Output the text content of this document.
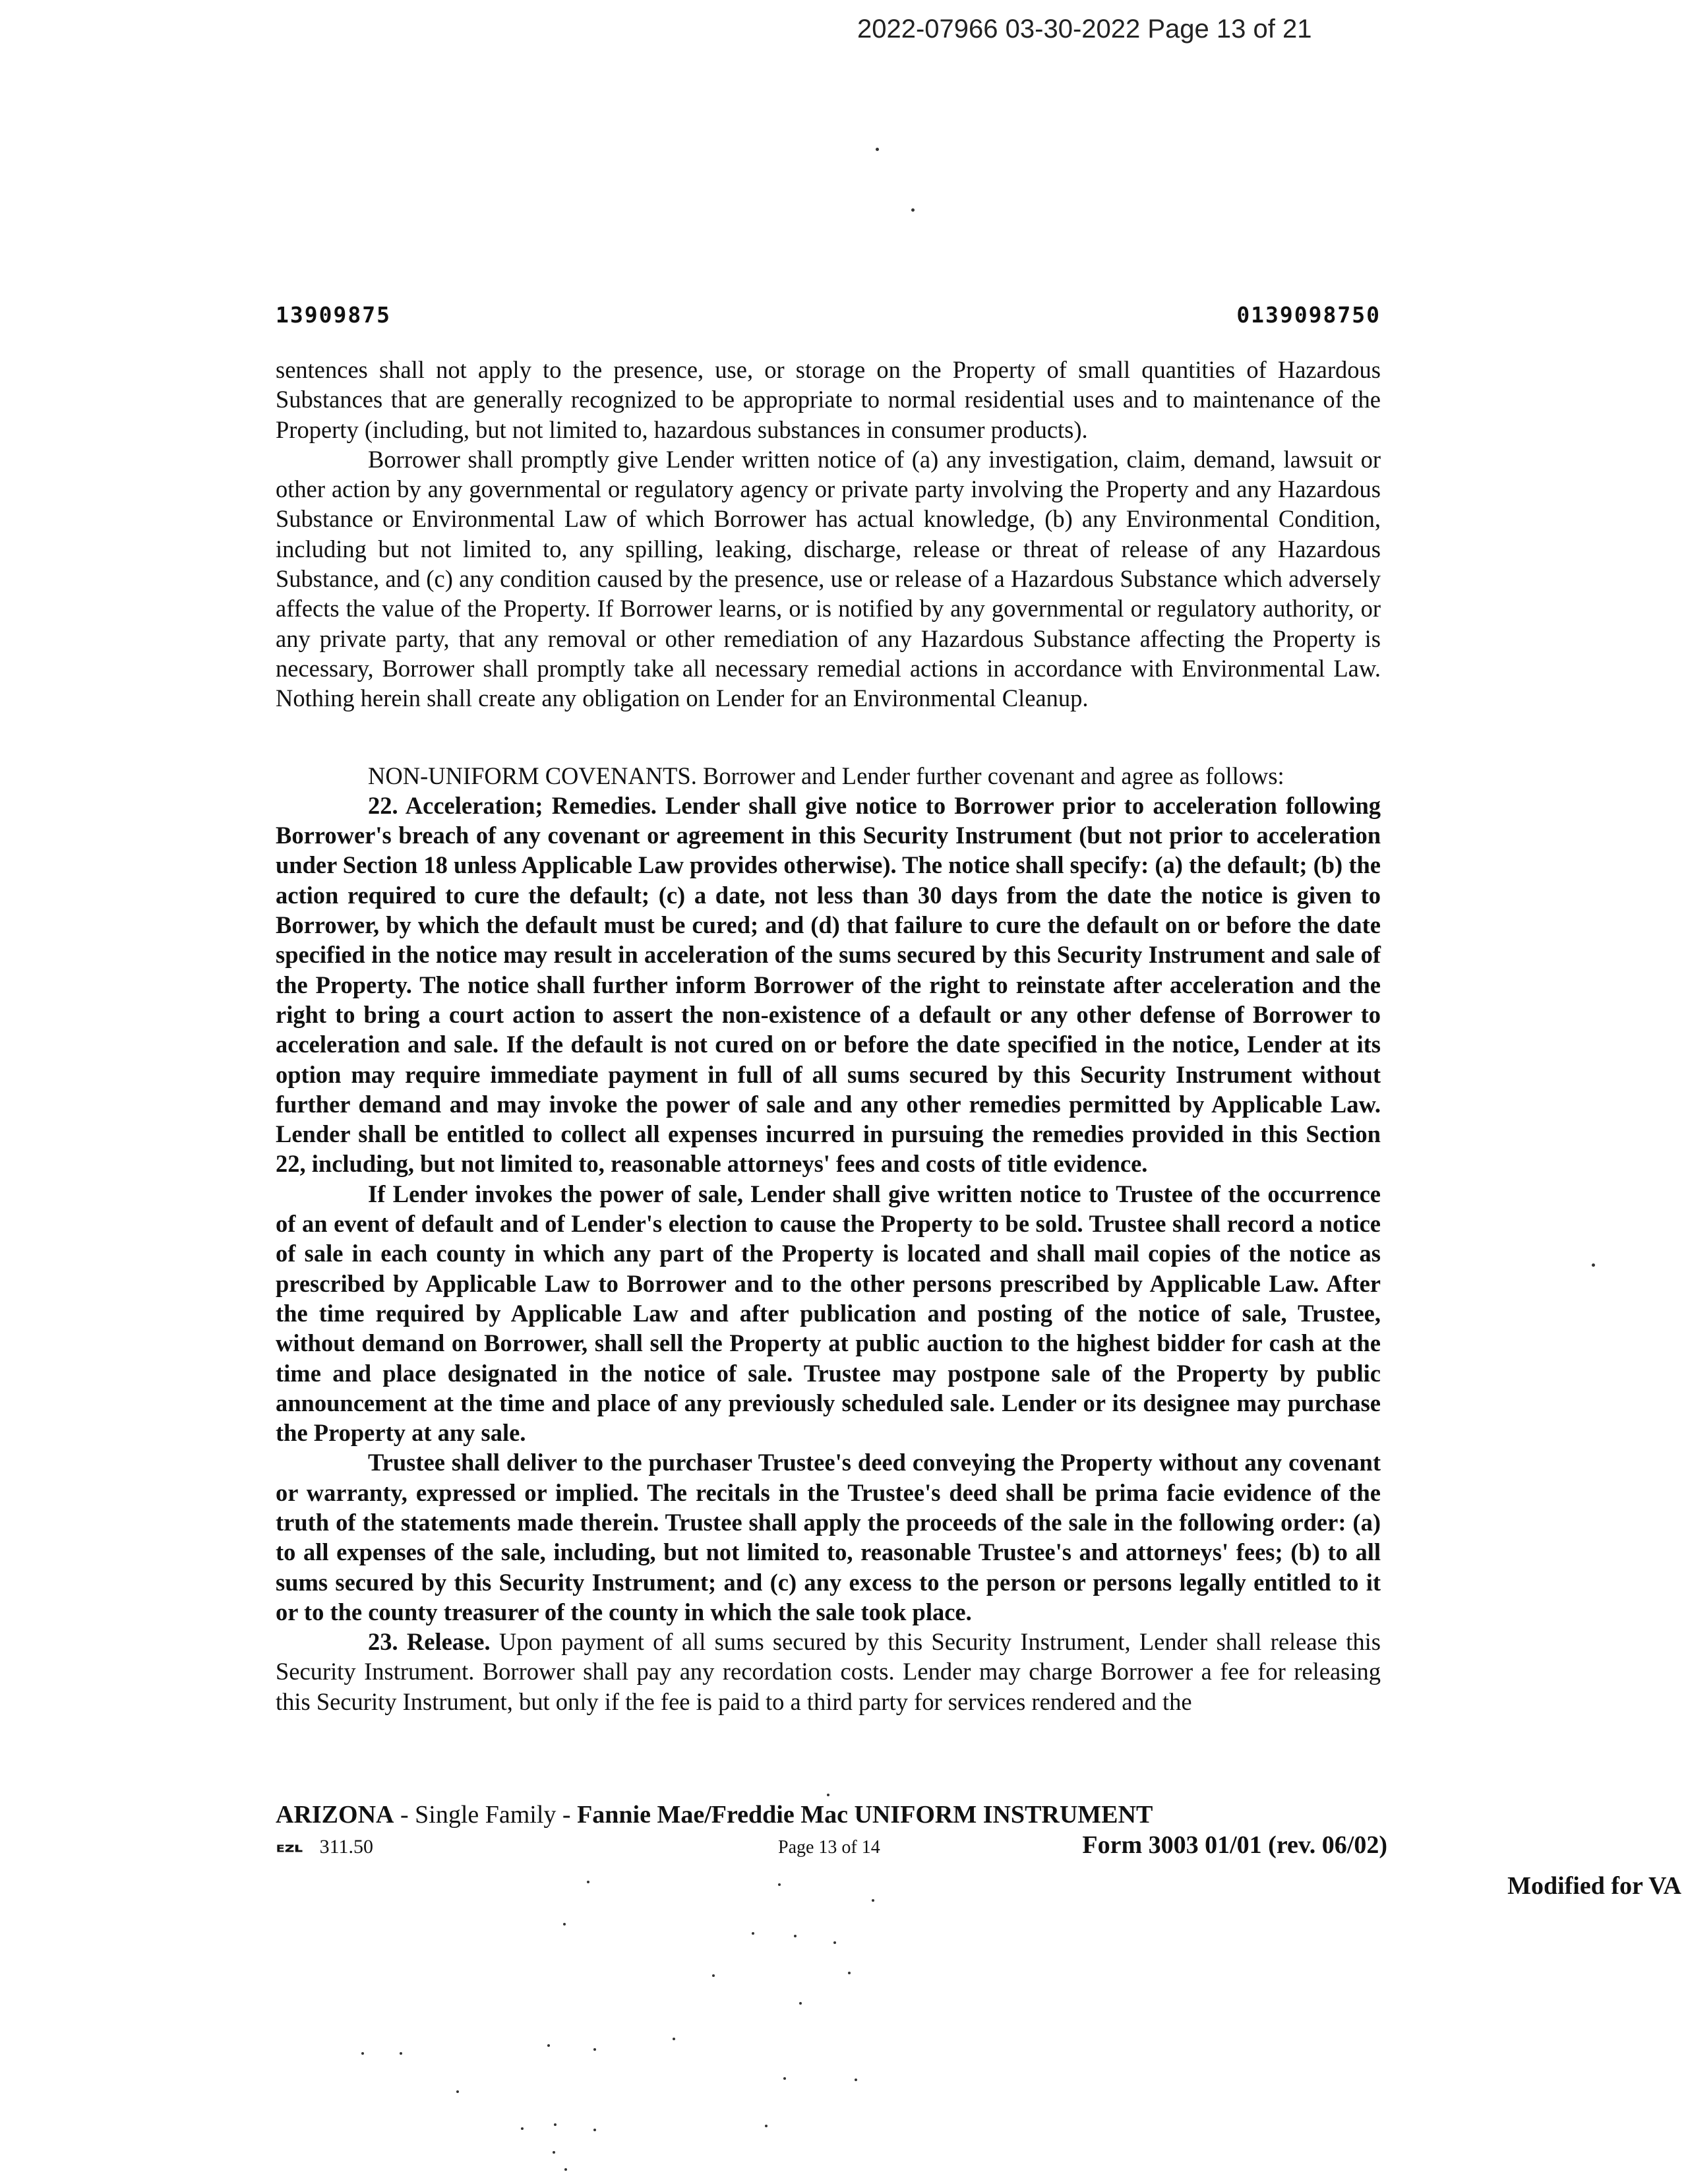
2022-07966 03-30-2022 Page 13 of 21
13909875	0139098750

sentences shall not apply to the presence, use, or storage on the Property of small quantities of Hazardous Substances that are generally recognized to be appropriate to normal residential uses and to maintenance of the Property (including, but not limited to, hazardous substances in consumer products).

Borrower shall promptly give Lender written notice of (a) any investigation, claim, demand, lawsuit or other action by any governmental or regulatory agency or private party involving the Property and any Hazardous Substance or Environmental Law of which Borrower has actual knowledge, (b) any Environmental Condition, including but not limited to, any spilling, leaking, discharge, release or threat of release of any Hazardous Substance, and (c) any condition caused by the presence, use or release of a Hazardous Substance which adversely affects the value of the Property. If Borrower learns, or is notified by any governmental or regulatory authority, or any private party, that any removal or other remediation of any Hazardous Substance affecting the Property is necessary, Borrower shall promptly take all necessary remedial actions in accordance with Environmental Law. Nothing herein shall create any obligation on Lender for an Environmental Cleanup.

NON-UNIFORM COVENANTS. Borrower and Lender further covenant and agree as follows:

22. Acceleration; Remedies. Lender shall give notice to Borrower prior to acceleration following Borrower's breach of any covenant or agreement in this Security Instrument (but not prior to acceleration under Section 18 unless Applicable Law provides otherwise). The notice shall specify: (a) the default; (b) the action required to cure the default; (c) a date, not less than 30 days from the date the notice is given to Borrower, by which the default must be cured; and (d) that failure to cure the default on or before the date specified in the notice may result in acceleration of the sums secured by this Security Instrument and sale of the Property. The notice shall further inform Borrower of the right to reinstate after acceleration and the right to bring a court action to assert the non-existence of a default or any other defense of Borrower to acceleration and sale. If the default is not cured on or before the date specified in the notice, Lender at its option may require immediate payment in full of all sums secured by this Security Instrument without further demand and may invoke the power of sale and any other remedies permitted by Applicable Law. Lender shall be entitled to collect all expenses incurred in pursuing the remedies provided in this Section 22, including, but not limited to, reasonable attorneys' fees and costs of title evidence.

If Lender invokes the power of sale, Lender shall give written notice to Trustee of the occurrence of an event of default and of Lender's election to cause the Property to be sold. Trustee shall record a notice of sale in each county in which any part of the Property is located and shall mail copies of the notice as prescribed by Applicable Law to Borrower and to the other persons prescribed by Applicable Law. After the time required by Applicable Law and after publication and posting of the notice of sale, Trustee, without demand on Borrower, shall sell the Property at public auction to the highest bidder for cash at the time and place designated in the notice of sale. Trustee may postpone sale of the Property by public announcement at the time and place of any previously scheduled sale. Lender or its designee may purchase the Property at any sale.

Trustee shall deliver to the purchaser Trustee's deed conveying the Property without any covenant or warranty, expressed or implied. The recitals in the Trustee's deed shall be prima facie evidence of the truth of the statements made therein. Trustee shall apply the proceeds of the sale in the following order: (a) to all expenses of the sale, including, but not limited to, reasonable Trustee's and attorneys' fees; (b) to all sums secured by this Security Instrument; and (c) any excess to the person or persons legally entitled to it or to the county treasurer of the county in which the sale took place.

23. Release. Upon payment of all sums secured by this Security Instrument, Lender shall release this Security Instrument. Borrower shall pay any recordation costs. Lender may charge Borrower a fee for releasing this Security Instrument, but only if the fee is paid to a third party for services rendered and the

ARIZONA - Single Family - Fannie Mae/Freddie Mac UNIFORM INSTRUMENT
ᴇᴢʟ 311.50	Page 13 of 14	Form 3003 01/01 (rev. 06/02)
Modified for VA
